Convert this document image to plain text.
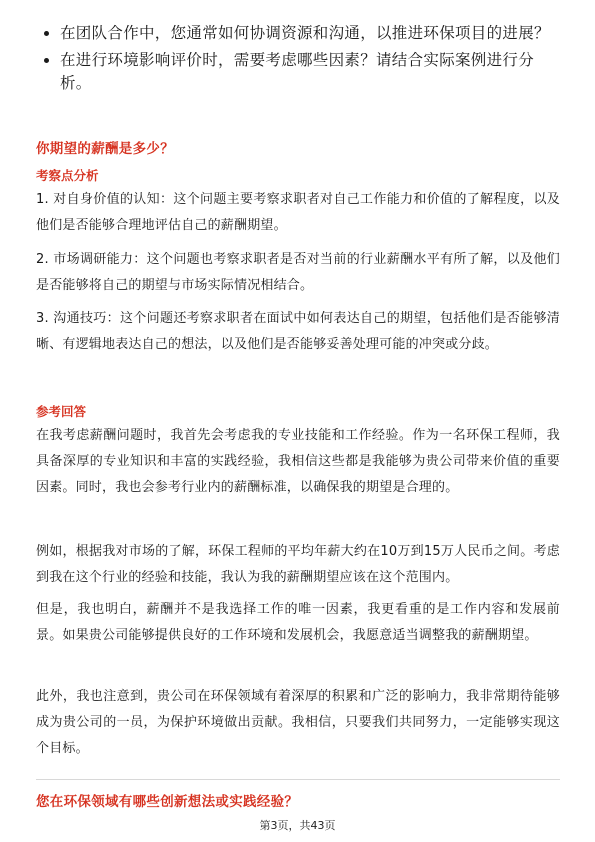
在团队合作中，您通常如何协调资源和沟通，以推进环保项目的进展？
在进行环境影响评价时，需要考虑哪些因素？请结合实际案例进行分析。
你期望的薪酬是多少？
考察点分析

1. 对自身价值的认知：这个问题主要考察求职者对自己工作能力和价值的了解程度，以及他们是否能够合理地评估自己的薪酬期望。

2. 市场调研能力：这个问题也考察求职者是否对当前的行业薪酬水平有所了解，以及他们是否能够将自己的期望与市场实际情况相结合。

3. 沟通技巧：这个问题还考察求职者在面试中如何表达自己的期望，包括他们是否能够清晰、有逻辑地表达自己的想法，以及他们是否能够妥善处理可能的冲突或分歧。

参考回答

在我考虑薪酬问题时，我首先会考虑我的专业技能和工作经验。作为一名环保工程师，我具备深厚的专业知识和丰富的实践经验，我相信这些都是我能够为贵公司带来价值的重要因素。同时，我也会参考行业内的薪酬标准，以确保我的期望是合理的。

例如，根据我对市场的了解，环保工程师的平均年薪大约在10万到15万人民币之间。考虑到我在这个行业的经验和技能，我认为我的薪酬期望应该在这个范围内。

但是，我也明白，薪酬并不是我选择工作的唯一因素，我更看重的是工作内容和发展前景。如果贵公司能够提供良好的工作环境和发展机会，我愿意适当调整我的薪酬期望。

此外，我也注意到，贵公司在环保领域有着深厚的积累和广泛的影响力，我非常期待能够成为贵公司的一员，为保护环境做出贡献。我相信，只要我们共同努力，一定能够实现这个目标。

您在环保领域有哪些创新想法或实践经验？
第3页，共43页
